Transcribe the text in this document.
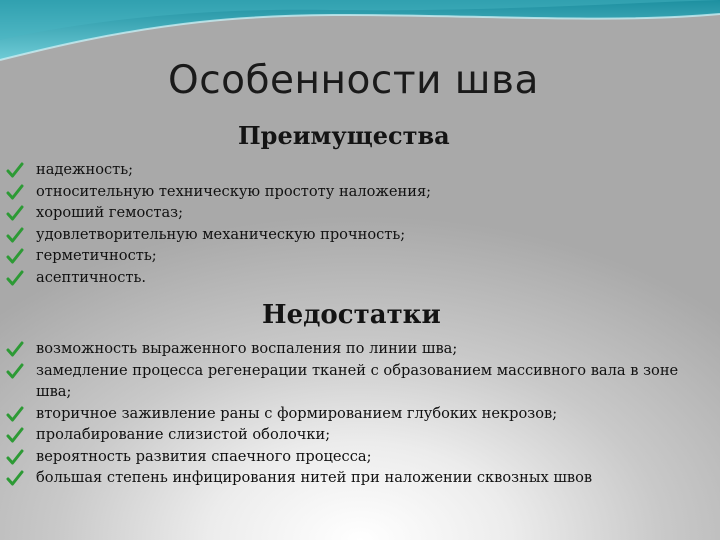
Особенности шва
Преимущества
надежность;
относительную техническую простоту наложения;
хороший гемостаз;
удовлетворительную механическую прочность;
герметичность;
асептичность.
Недостатки
возможность выраженного воспаления по линии шва;
замедление процесса регенерации тканей с образованием массивного вала в зоне шва;
вторичное заживление раны с формированием глубоких некрозов;
пролабирование слизистой оболочки;
вероятность развития спаечного процесса;
большая степень инфицирования нитей при наложении сквозных швов
